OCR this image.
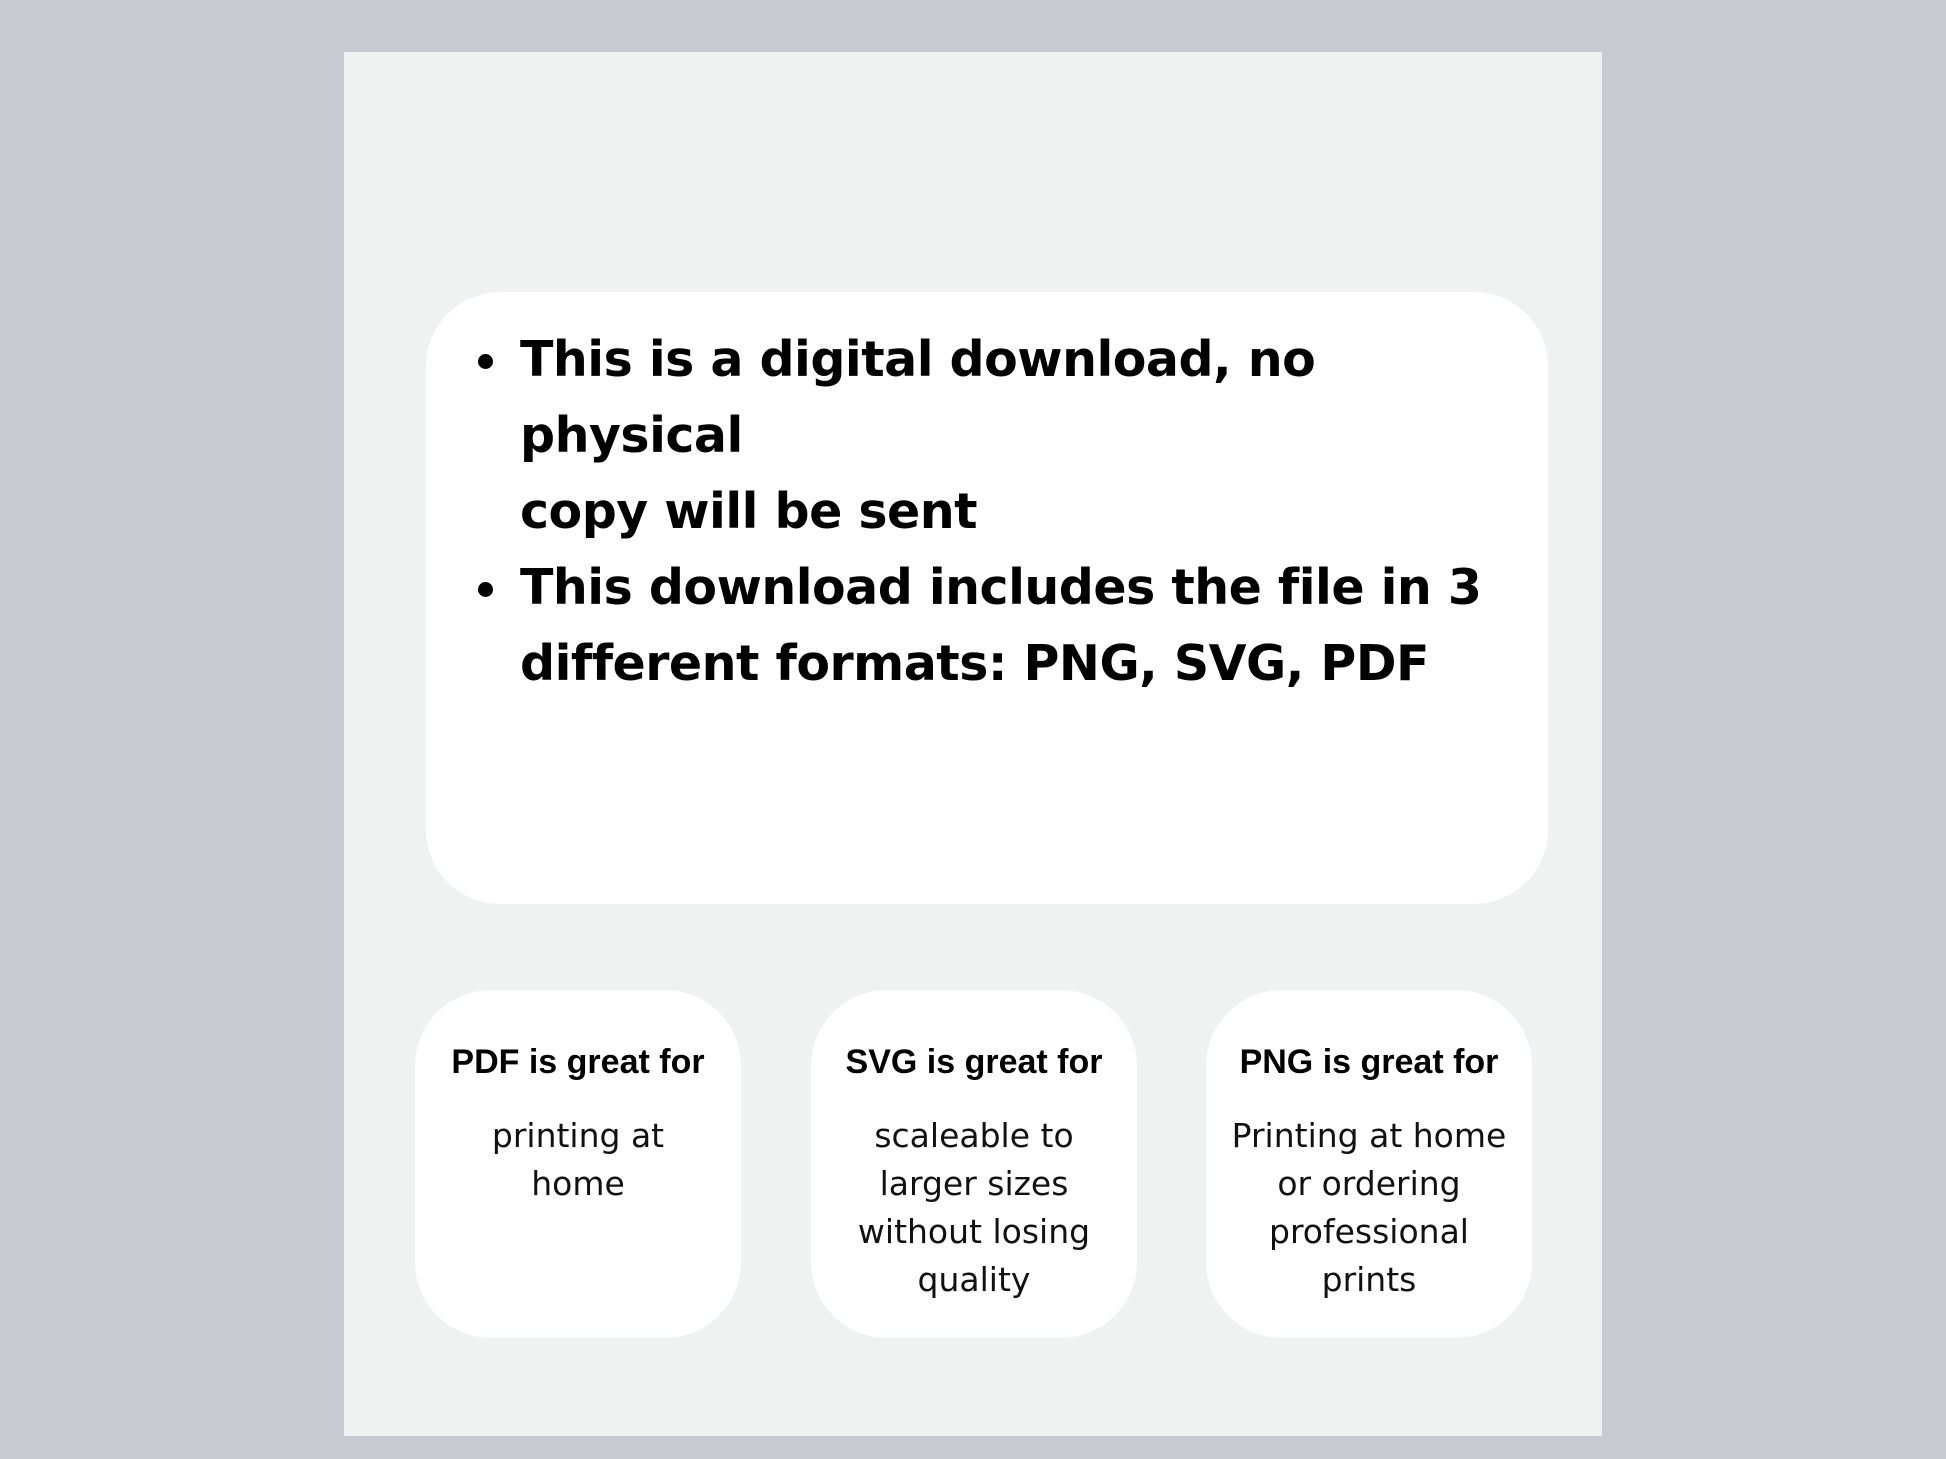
This is a digital download, no physical
copy will be sent
This download includes the file in 3
different formats: PNG, SVG, PDF
PDF is great for
printing at
home
SVG is great for
scaleable to
larger sizes
without losing
quality
PNG is great for
Printing at home
or ordering
professional
prints
